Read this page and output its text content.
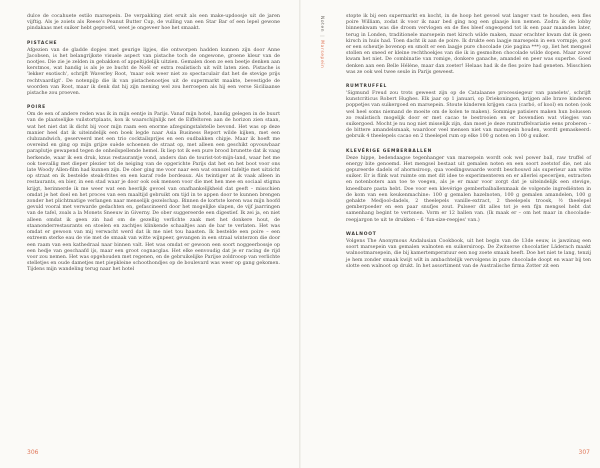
dulce de cocahuete estilo marsepein. De verpakking ziet eruit als een make-updoosje uit de jaren vijftig. Als je zoiets als Reese's Peanut Butter Cup, de vulling van een Star Bar of een lepel gewone pindakaas met suiker hebt geproefd, weet je ongeveer hoe het smaakt.

PISTACHE

Afgezien van de gladde dopjes met geurige lipjes, die ontworpen hadden kunnen zijn door Anne Jacobsen, is het belangrijkste visuele aspect van pistache toch de ongewone, groene kleur van de nootjes. Die zie je zelden in gebakken of appeltijdelijk uitzien. Gemalen doen ze een beetje denken aan kerstmos, wat handig is als je ze bucht de Noël er extra realistisch uit wilt laten zien. Pistache is 'lekker exotisch', schrijft Waverley Root, 'maar ook weer niet zo spectaculair dat het de stevige prijs rechtvaardigt'. De notenpijp die ik van pistachenootjes uit de supermarkt maakte, bevestigde de woorden van Root, maar ik denk dat hij zijn mening wel zou herroepen als hij een verse Siciliaanse pistache zou proeven.

POIRE

Om de een of andere reden was ik in mijn eentje in Parijs. Vanaf mijn hotel, handig gelegen in de buurt van de plaatselijke vuilstortplaats, kon ik waarschijnlijk net de Eiffeltoren aan de horizon zien staan, wat het niet dat ik dicht bij voor mijn raam een enorme afzegsingstalstelle bevond. Het was op deze manier heel dat ik uiteindelijk een boek legde naar Asia Business Report wilde kijken, met een clubzandwich, geserveerd met een trio cocktailsprijes en een oudbakken chipje. Maar ik hoeft me overeind en ging op mijn grijze suède schoenen de straat op, met alleen een geschikt opvouwbaar paraplutje gewapend tegen de onheilspellende hemel. Ik liep tot ik een pure brood brunette dat ik vaag herkende, waar ik een druk, knus restaurantje vond, anders dan de tourist-tot-mijn-land, waar het me ook toevallig met dieper plezier tot de neiging van de opgerichte Parijs dat het en het boot voor ons late Woody Allen-film had kunnen zijn. De ober ging me voor naar een wat onnozel tafeltje met uitzicht op straat en ik bestelde steak-frites en een karaf rode bordeaux. Als twintiger at ik vaak alleen in restaurants, en bier, in een stad waar je door ook ook mensen voor die met hen mee en sociaal stigma krijgt, herinnerde ik me weer wat een heerlijk gevoel van onafhankelijkheid dat geeft – misschien omdat je het doel en het proces van een maaltijd gebruikt om tijd in te appen door te kunnen brengen zonder het plichtmatige verlangen naar menselijk gezelschap. Binnen de kortste keren was mijn hoofd gevuld vooral met verwarde gedachten en, gefascineerd door het mogelijke slapen, de vijf jaarringen van de tafel, zoals a la Monets Sneeuw in Giverny. De ober suggereerde een digestief. Ik zei ja, en niet alleen omdat ik geen zin had om de gezellig verlichte zaak met het donkere hout, de staanonderrestaurants en stoelen en zachtjes klinkende schaaltjes aan de bar te verlaten. Het was omdat er gewoon van mij verwacht werd dat ik me niet tou haasten. Ik bestelde een poire – een extreem sterke eau de vie met de smaak van witte wijnpeer, gevangen in een straal winterzon die door een raam van een kathedraal naar binnen valt. Het was omdat er gewoon een soort noggeerbossje op een hedje van geschaafd ijs, maar een groot cognacglas. Het elke eenvoudig dat je er racing de rijd voor zou nemen. Het was opgehouden met regenen, en de gebruikelijke Parijse zoldrooop van verlichte stelletjes en oude dametjes met piepkleine schoothondjes op de boulevard was weer op gang gekomen. Tijdens mijn wandeling terug naar het hotel

306
Noten|Marsepein

stopte ik bij een supermarkt en kocht, in de hoop het gevoel wat langer vast te houden, een fles poire William, zodat ik voor ik naar bed ging nog een glaasje kon nemen. Zodra ik de lobby binnenkwam was die droom vervlogen en de fles bleef ongeopend tot ik een paar maanden later, terug in Londen, traditionele marsepein met kirsch wilde maken, maar erachter kwam dat ik geen kirsch in huis had. Toen dacht ik aan de poire. Ik drukte een laagje marsepein in een vormpje, goot er een scheutje bovenop en smolt er een laagje pure chocolade (zie pagina ***) op, liet het mengsel stollen en sneed er kleine rechthoekjes van die ik in gesmolten chocolade wilde dopen. Maar zover kwam het niet. De combinatie van romige, donkere ganache, amandel en peer was superbe. Goed denken aan een Belle Hélène, maar dan zoeter! Helaas had ik de fles poire had geneten. Misschien was ze ook wel twee seule in Parijs geweest.

RUMTRUFFEL

'Sigmund Freud zou trots geweest zijn op de Catalaanse processiegeur van panelets', schrijft kunstcriticus Robert Hughes. Elk jaar op 1 januari, op Driekoningen, krijgen alle brave kinderen poppetjes van suikergoed en marsepein. Stoute kinderen krijgen caca (carbó, of kool) en noten (ook wel heel soms niemand de moeite om de kolen te maken). Sommige patisiers maken hun bolussen zo realistisch mogelijk door er met cacao te bestrooien en er bovendien wat vliegjes van suikergoed. Mocht je nu nog niet misselijk zijn, dan moet je deze rumtruffelvariatie eens proberen – de bittere amandelsmaak, waardoor veel mensen niet van marsepein houden, wordt gemaskeerd: gebruik 4 theelepels cacao en 2 theelepel rum op elke 100 g noten en 100 g suiker.

KLEVÉRIGE GEMBERBALLEN

Deze hippe, bedendaagse tegenhanger van marsepein wordt ook wel power ball, raw truffel of energy bite genoemd. Het mengsel bestaat uit gemalen noten en een soort zoetstof die, net als gepureerde dadels of ahornsiroop, qua voedingswaarde wordt beschouwd als superieur aan witte suiker. Er is flink wat ruimte om met dit idee te experimenteren en er allerlei specerijen, extracten en notenboters aan toe te voegen, als je er maar voor zorgt dat je uiteindelijk een stevige, kneedbare pasta hebt. Doe voor een klevérige gemberbalballenmaak de volgende ingrediënten in de kom van een keukenmachine: 100 g gemalen hazelnoten, 100 g gemalen amandelen, 100 g gehakte Medjool-dadels, 2 theelepels vanille-extract, 2 theelepels troosk, ½ theelepel gemberpoeder en een paar snufjes zout. Pulseer dit alles tot je een fijn mengsel hebt dat samenhang begint te vertonen. Vorm er 12 ballen van. (Ik maak er – om het maar in chocolade-reepjargon te uit te drukken – 6 'fun-size-reepjes' van.)

WALNOOT

Volgens The Anonymous Andalusian Cookbook, uit het begin van de 13de eeuw, is jawzinaq een soort marsepein van gemalen walnoten en suikersiroop. De Zwitserse chocolatier Läderach maakt walnootmarsepein, die bij kamertemperatuur een nog zoete smaak heeft. Doe het niet te lang, tenzij je hem zonder smaak kwijt wilt in ambachtelijk vervolgens in pure chocolade doopt en waar bij ten slotte een walnoot op drukt. In het assortiment van de Australische firma Zotter zit een

307
